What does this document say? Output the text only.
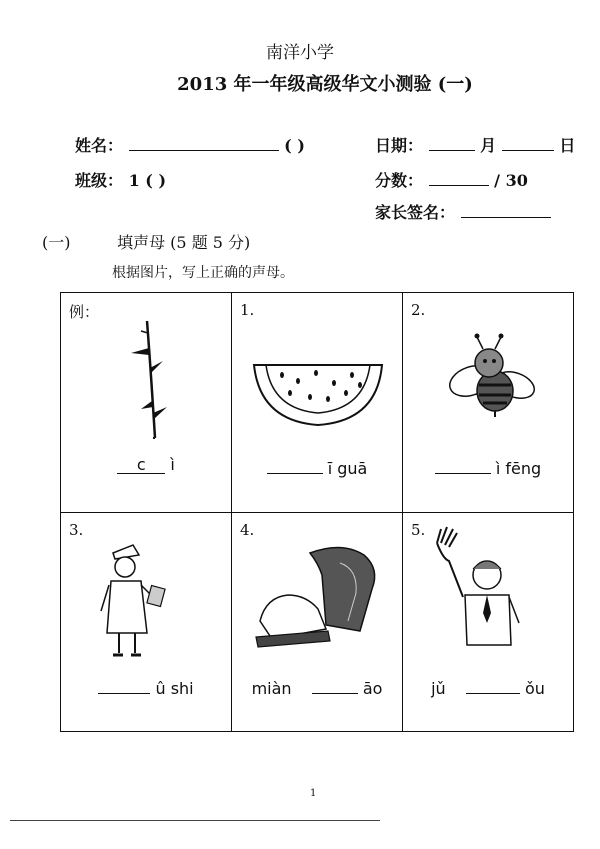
南洋小学
2013 年一年级高级华文小测验 (一)
姓名：	( )	日期：	月	日
班级： 1 ( )	分数：	/ 30
家长签名：
(一)	填声母 (5 题 5 分)
根据图片，写上正确的声母。
例：
c ì
1.
ī guā
2.
ì fēng
3.
û shi
4.
miàn	āo
5.
jǔ	ǒu
1
